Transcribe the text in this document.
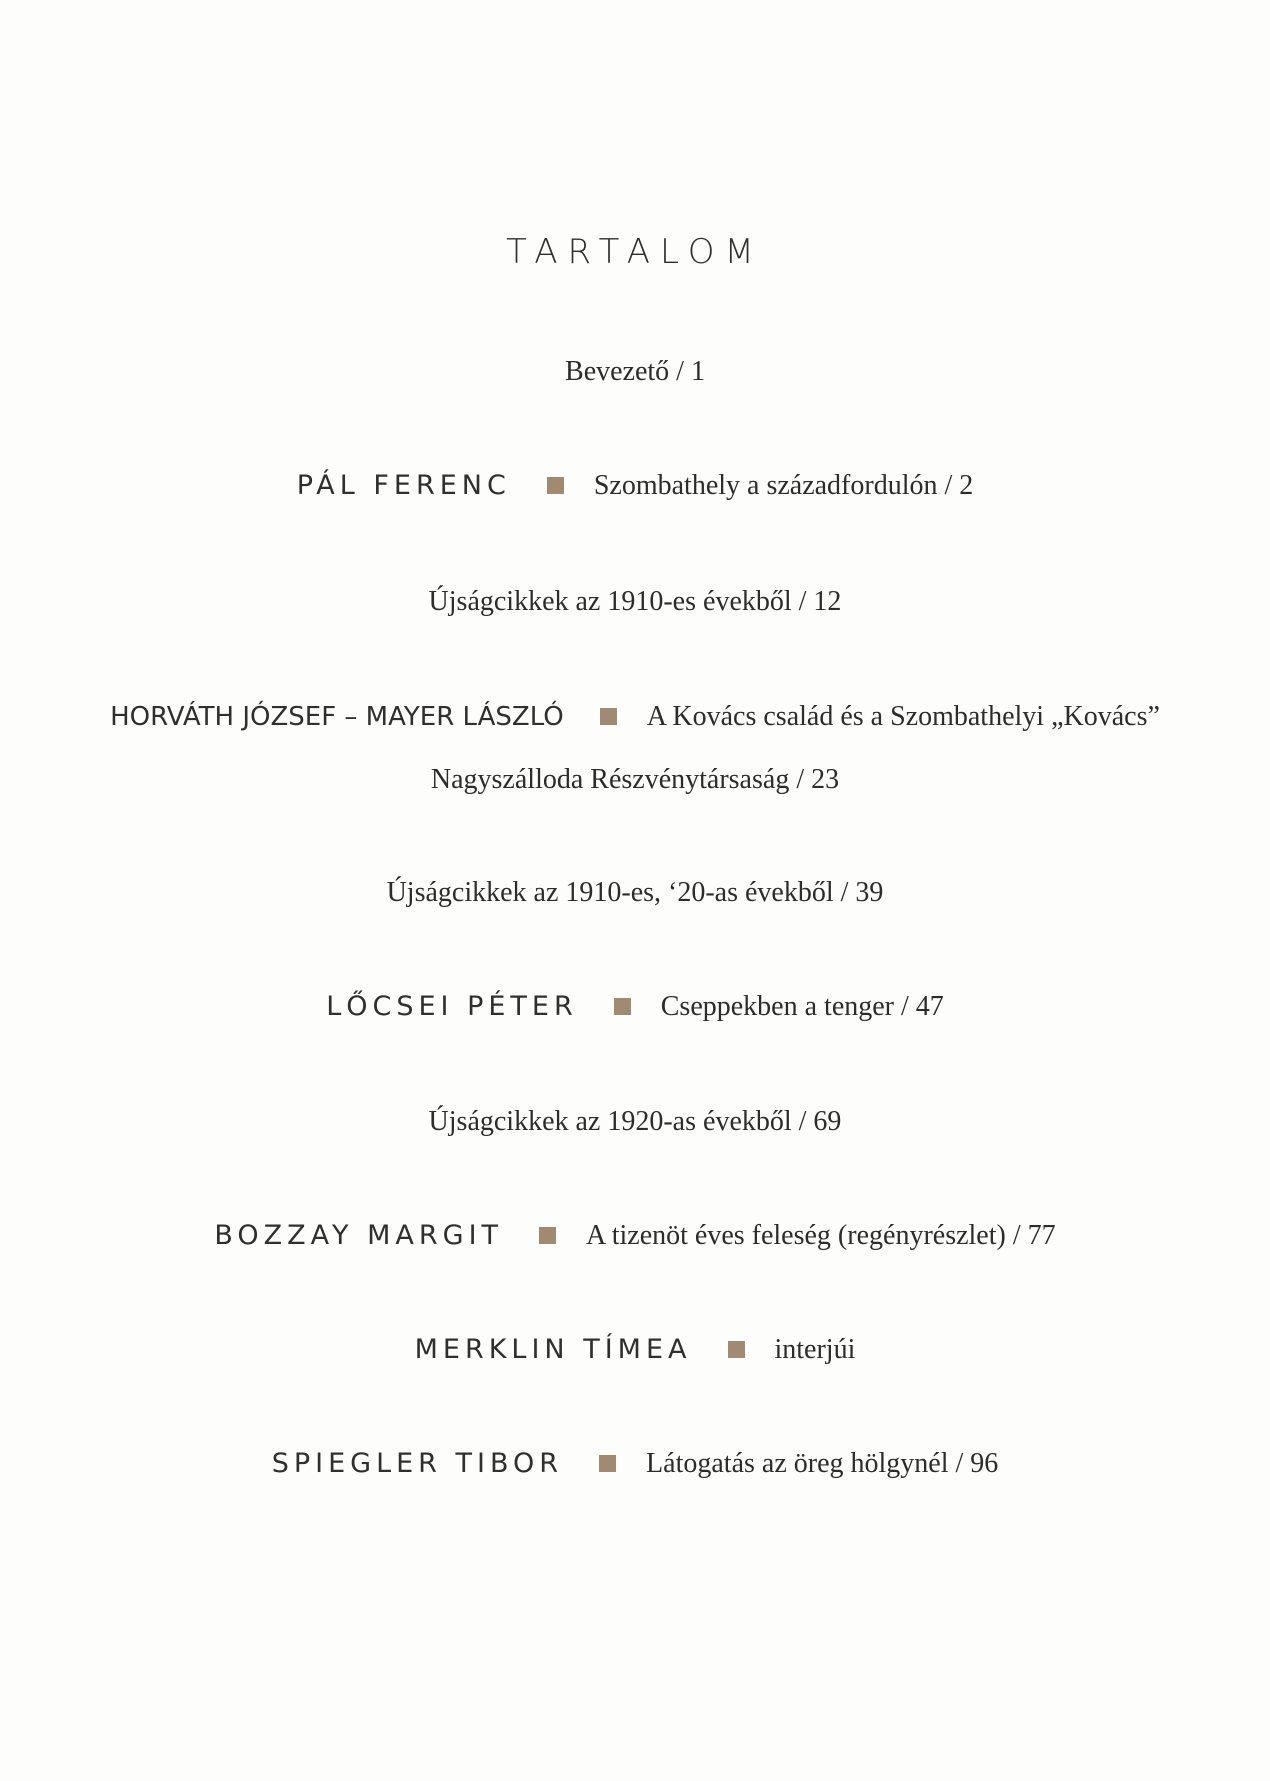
TARTALOM
Bevezető / 1
PÁL FERENC	Szombathely a századfordulón / 2
Újságcikkek az 1910-es évekből / 12
HORVÁTH JÓZSEF – MAYER LÁSZLÓ	A Kovács család és a Szombathelyi „Kovács”
Nagyszálloda Részvénytársaság / 23
Újságcikkek az 1910-es, ‘20-as évekből / 39
LŐCSEI PÉTER	Cseppekben a tenger / 47
Újságcikkek az 1920-as évekből / 69
BOZZAY MARGIT	A tizenöt éves feleség (regényrészlet) / 77
MERKLIN TÍMEA	interjúi
SPIEGLER TIBOR	Látogatás az öreg hölgynél / 96
